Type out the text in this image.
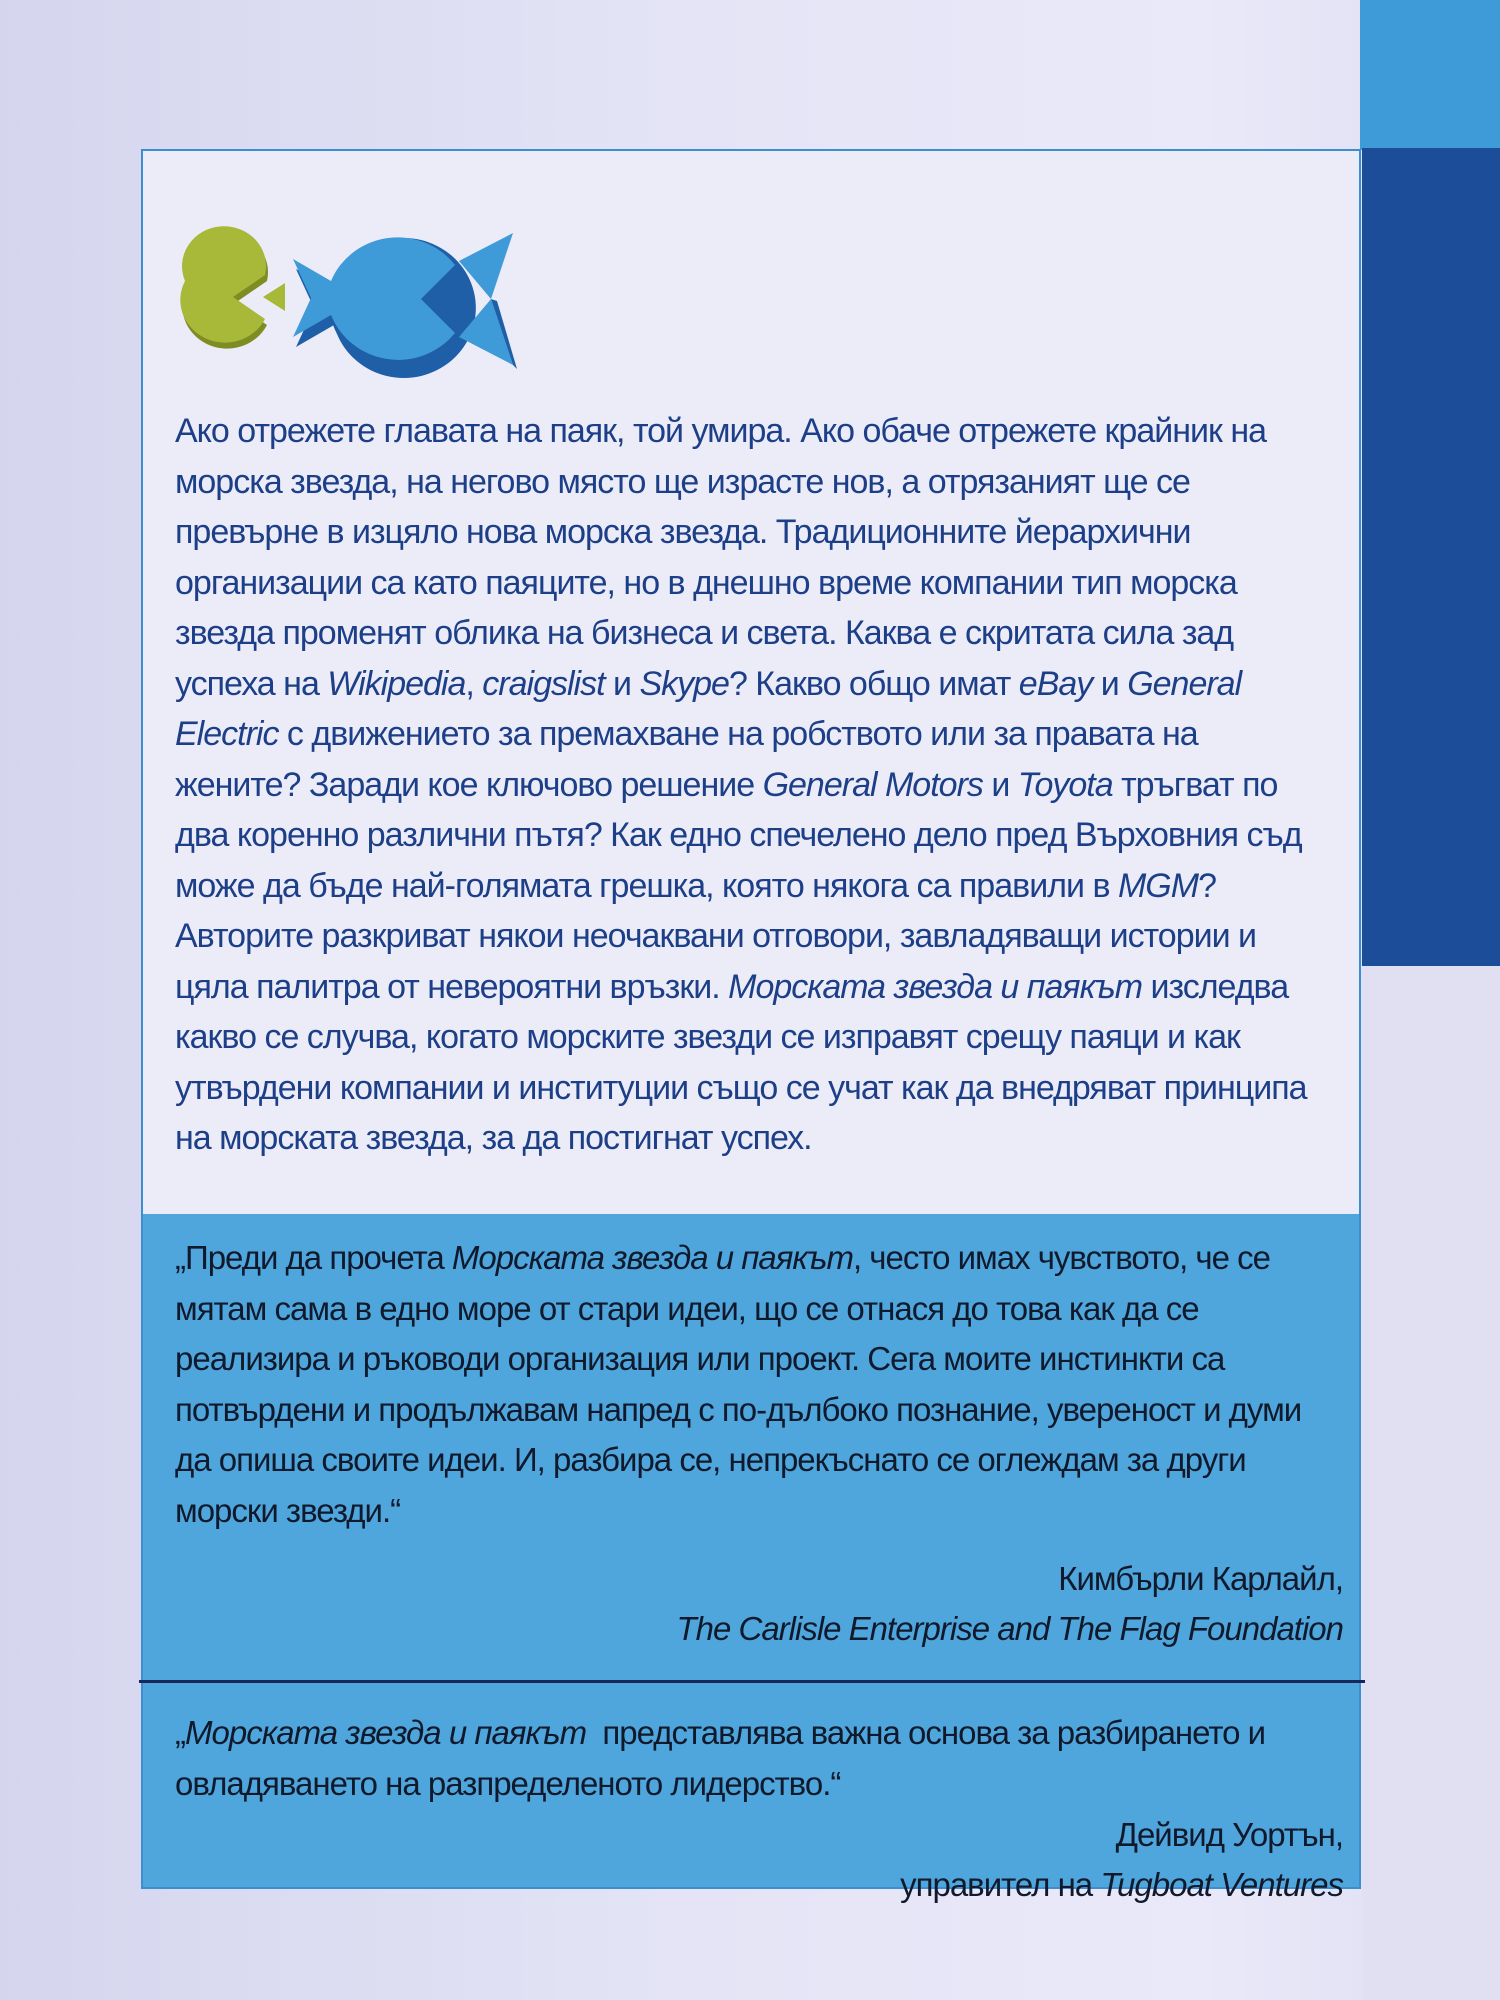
Ако отрежете главата на паяк, той умира. Ако обаче отрежете крайник на морска звезда, на негово място ще израсте нов, а отрязаният ще се превърне в изцяло нова морска звезда. Традиционните йерархични организации са като паяците, но в днешно време компании тип морска звезда променят облика на бизнеса и света. Каква е скритата сила зад успеха на Wikipedia, craigslist и Skype? Какво общо имат eBay и General Electric с движението за премахване на робството или за правата на жените? Заради кое ключово решение General Motors и Toyota тръгват по два коренно различни пътя? Как едно спечелено дело пред Върховния съд може да бъде най-голямата грешка, която някога са правили в MGM? Авторите разкриват някои неочаквани отговори, завладяващи истории и цяла палитра от невероятни връзки. Морската звезда и паякът изследва какво се случва, когато морските звезди се изправят срещу паяци и как утвърдени компании и институции също се учат как да внедряват принципа на морската звезда, за да постигнат успех.
„Преди да прочета Морската звезда и паякът, често имах чувството, че се мятам сама в едно море от стари идеи, що се отнася до това как да се реализира и ръководи организация или проект. Сега моите инстинкти са потвърдени и продължавам напред с по-дълбоко познание, увереност и думи да опиша своите идеи. И, разбира се, непрекъснато се оглеждам за други морски звезди.“
Кимбърли Карлайл,
The Carlisle Enterprise and The Flag Foundation
„Морската звезда и паякът  представлява важна основа за разбирането и овладяването на разпределеното лидерство.“
Дейвид Уортън,
управител на Tugboat Ventures
